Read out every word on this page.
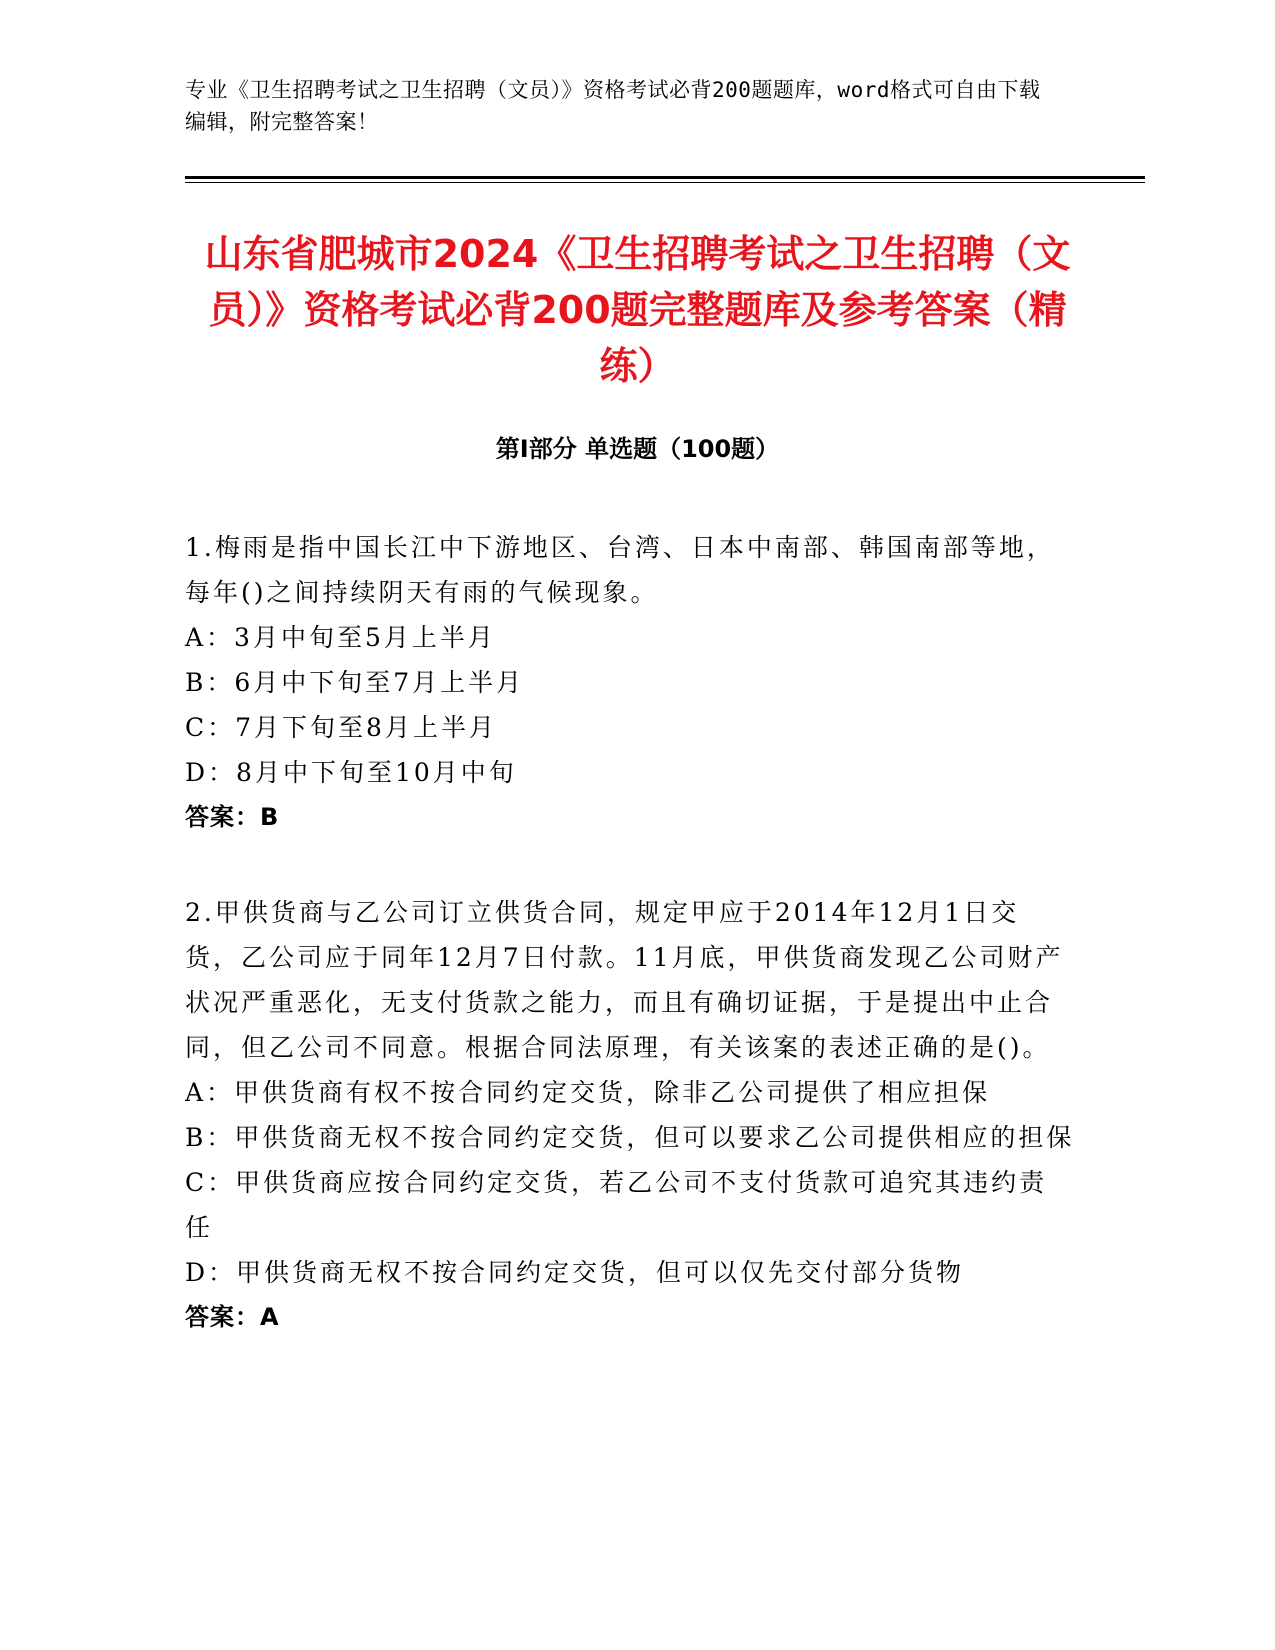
专业《卫生招聘考试之卫生招聘（文员）》资格考试必背200题题库，word格式可自由下载编辑，附完整答案！
山东省肥城市2024《卫生招聘考试之卫生招聘（文员）》资格考试必背200题完整题库及参考答案（精练）
第Ⅰ部分 单选题（100题）
1.梅雨是指中国长江中下游地区、台湾、日本中南部、韩国南部等地，每年()之间持续阴天有雨的气候现象。
A：3月中旬至5月上半月
B：6月中下旬至7月上半月
C：7月下旬至8月上半月
D：8月中下旬至10月中旬
答案：B
2.甲供货商与乙公司订立供货合同，规定甲应于2014年12月1日交货，乙公司应于同年12月7日付款。11月底，甲供货商发现乙公司财产状况严重恶化，无支付货款之能力，而且有确切证据，于是提出中止合同，但乙公司不同意。根据合同法原理，有关该案的表述正确的是()。
A：甲供货商有权不按合同约定交货，除非乙公司提供了相应担保
B：甲供货商无权不按合同约定交货，但可以要求乙公司提供相应的担保
C：甲供货商应按合同约定交货，若乙公司不支付货款可追究其违约责任
D：甲供货商无权不按合同约定交货，但可以仅先交付部分货物
答案：A
